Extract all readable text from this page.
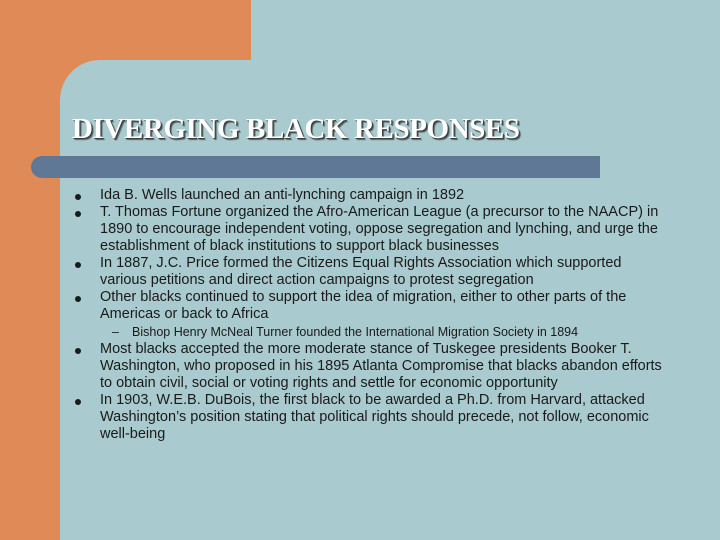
DIVERGING BLACK RESPONSES
Ida B. Wells launched an anti-lynching campaign in 1892
T. Thomas Fortune organized the Afro-American League (a precursor to the NAACP) in 1890 to encourage independent voting, oppose segregation and lynching, and urge the establishment of black institutions to support black businesses
In 1887, J.C. Price formed the Citizens Equal Rights Association which supported various petitions and direct action campaigns to protest segregation
Other blacks continued to support the idea of migration, either to other parts of the Americas or back to Africa
– Bishop Henry McNeal Turner founded the International Migration Society in 1894
Most blacks accepted the more moderate stance of Tuskegee presidents Booker T. Washington, who proposed in his 1895 Atlanta Compromise that blacks abandon efforts to obtain civil, social or voting rights and settle for economic opportunity
In 1903, W.E.B. DuBois, the first black to be awarded a Ph.D. from Harvard, attacked Washington’s position stating that political rights should precede, not follow, economic well-being
